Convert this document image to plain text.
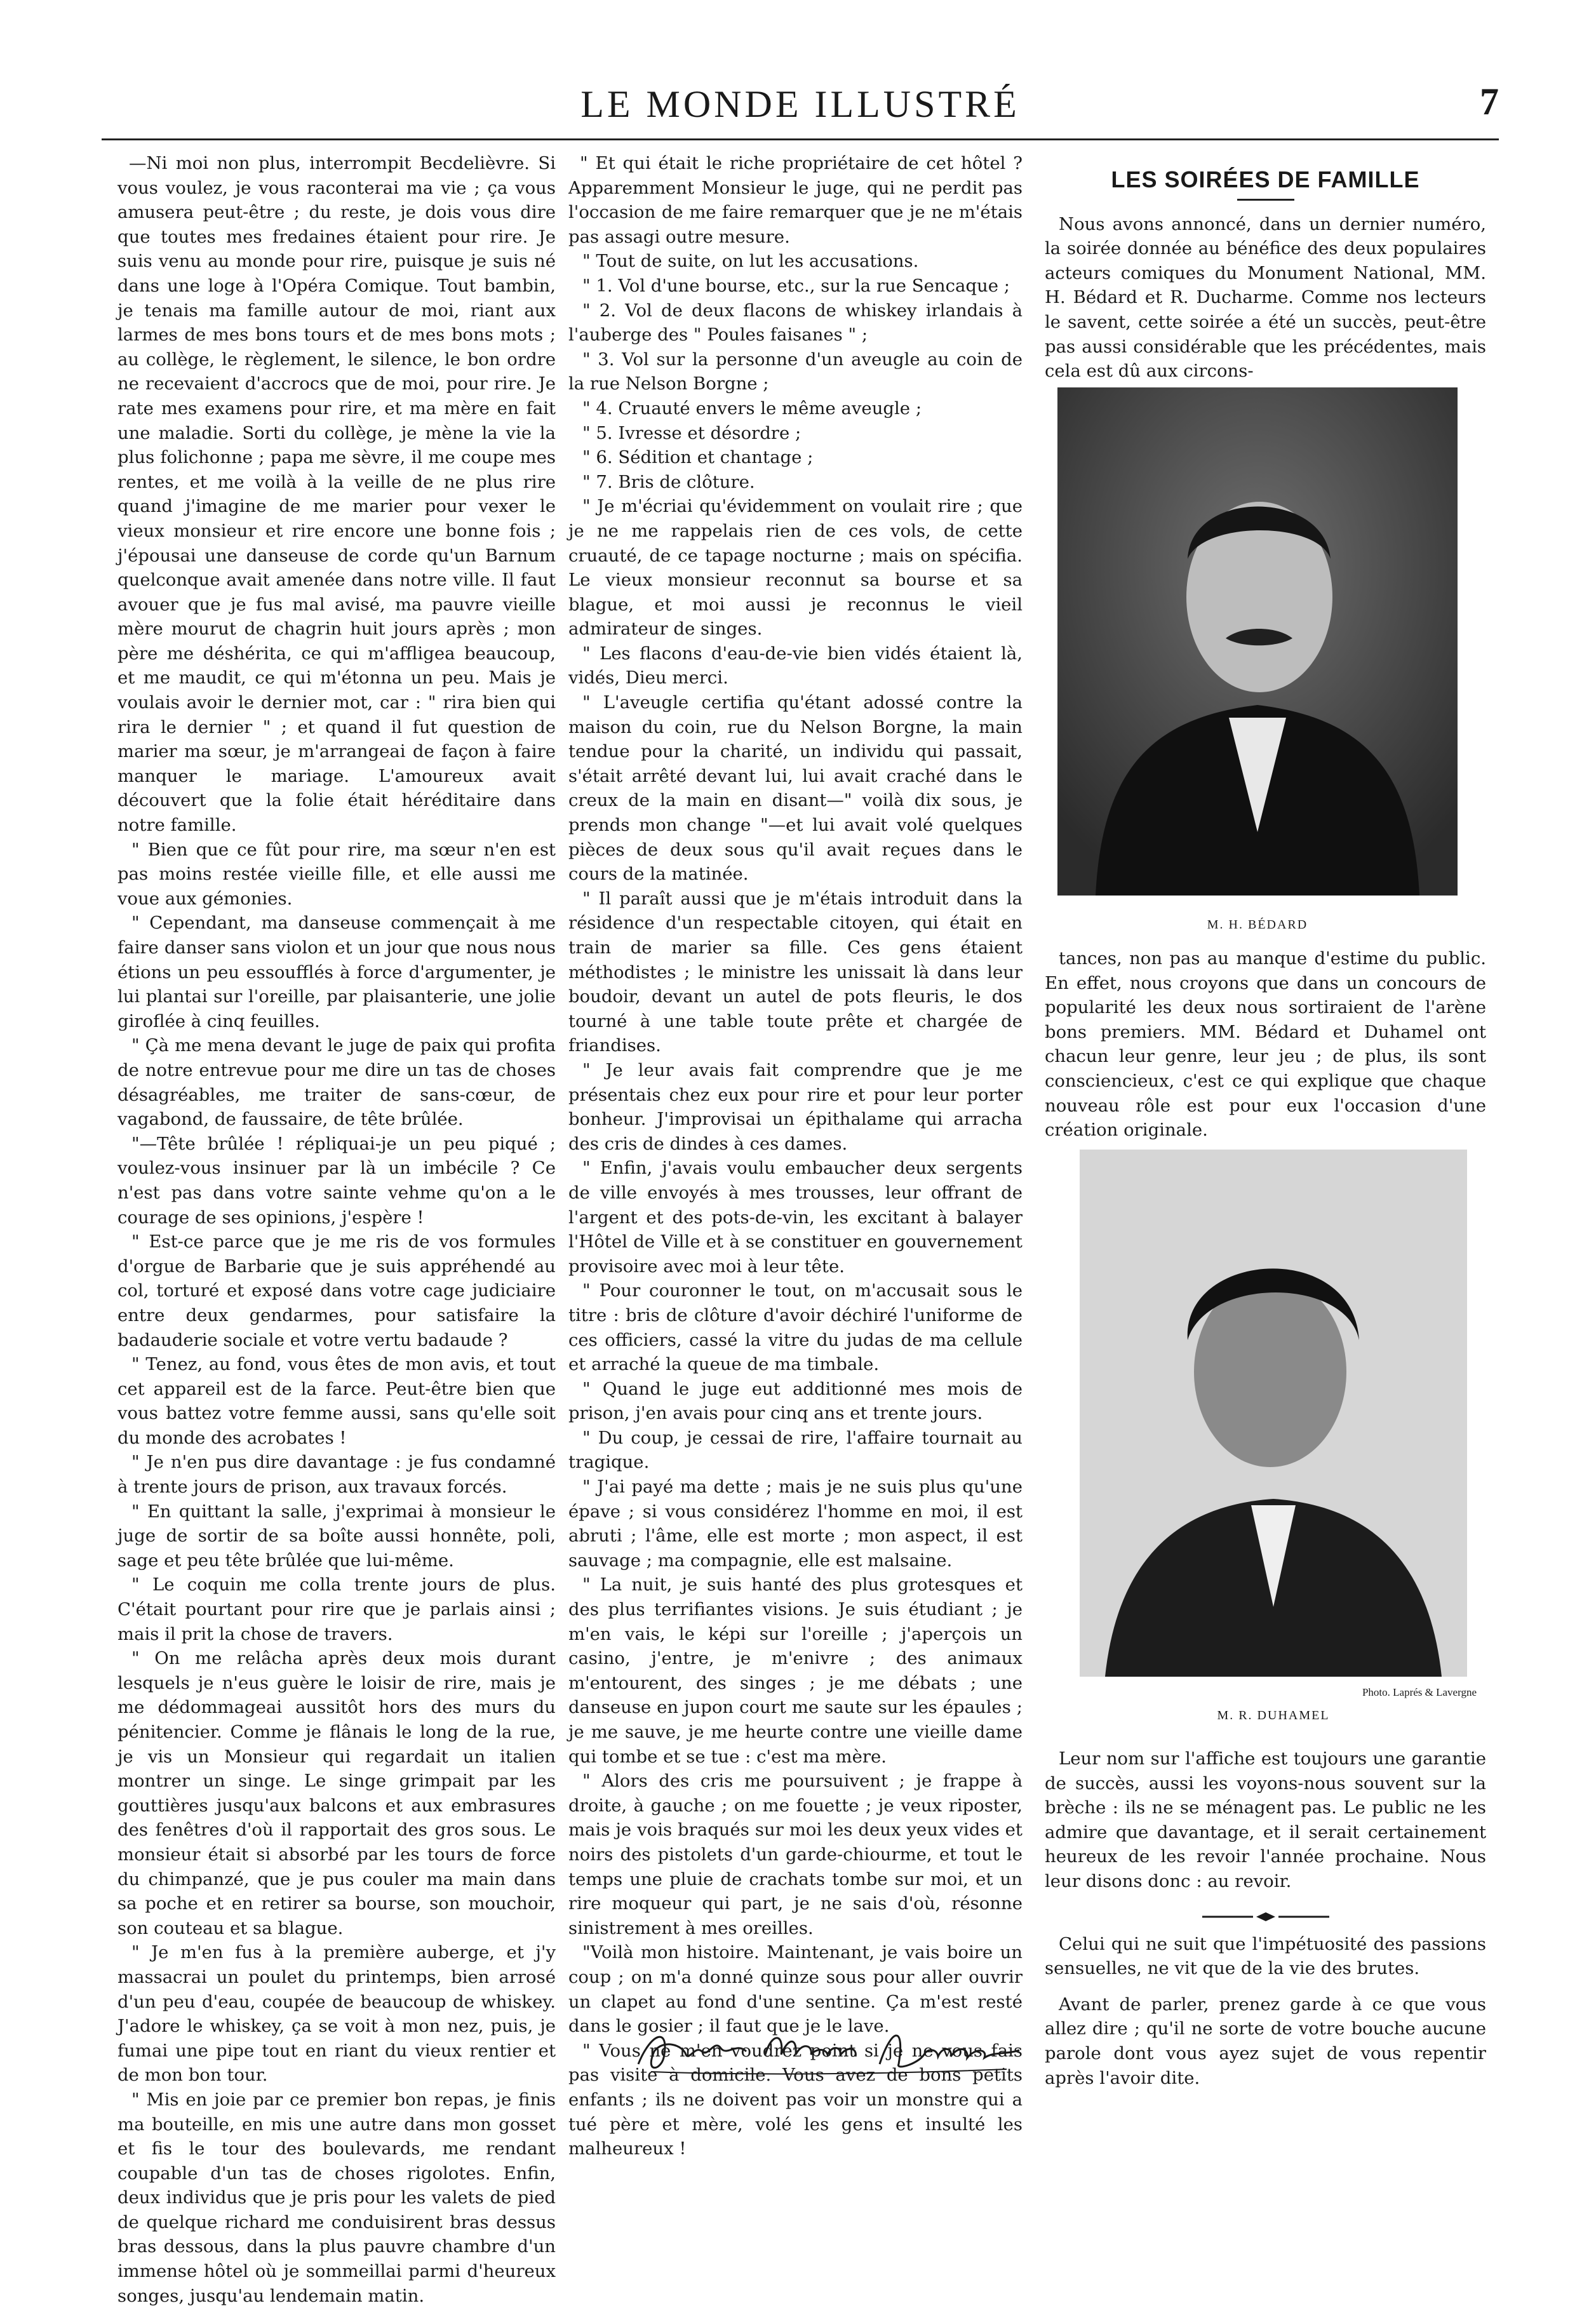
LE MONDE ILLUSTRÉ	7

—Ni moi non plus, interrompit Becdelièvre. Si vous voulez, je vous raconterai ma vie ; ça vous amusera peut-être ; du reste, je dois vous dire que toutes mes fredaines étaient pour rire. Je suis venu au monde pour rire, puisque je suis né dans une loge à l'Opéra Comique. Tout bambin, je tenais ma famille autour de moi, riant aux larmes de mes bons tours et de mes bons mots ; au collège, le règlement, le silence, le bon ordre ne recevaient d'accrocs que de moi, pour rire. Je rate mes examens pour rire, et ma mère en fait une maladie. Sorti du collège, je mène la vie la plus folichonne ; papa me sèvre, il me coupe mes rentes, et me voilà à la veille de ne plus rire quand j'imagine de me marier pour vexer le vieux monsieur et rire encore une bonne fois ; j'épousai une danseuse de corde qu'un Barnum quelconque avait amenée dans notre ville. Il faut avouer que je fus mal avisé, ma pauvre vieille mère mourut de chagrin huit jours après ; mon père me déshérita, ce qui m'affligea beaucoup, et me maudit, ce qui m'étonna un peu. Mais je voulais avoir le dernier mot, car : " rira bien qui rira le dernier " ; et quand il fut question de marier ma sœur, je m'arrangeai de façon à faire manquer le mariage. L'amoureux avait découvert que la folie était héréditaire dans notre famille.

" Bien que ce fût pour rire, ma sœur n'en est pas moins restée vieille fille, et elle aussi me voue aux gémonies.

" Cependant, ma danseuse commençait à me faire danser sans violon et un jour que nous nous étions un peu essoufflés à force d'argumenter, je lui plantai sur l'oreille, par plaisanterie, une jolie giroflée à cinq feuilles.

" Çà me mena devant le juge de paix qui profita de notre entrevue pour me dire un tas de choses désagréables, me traiter de sans-cœur, de vagabond, de faussaire, de tête brûlée.

"—Tête brûlée ! répliquai-je un peu piqué ; voulez-vous insinuer par là un imbécile ? Ce n'est pas dans votre sainte vehme qu'on a le courage de ses opinions, j'espère !

" Est-ce parce que je me ris de vos formules d'orgue de Barbarie que je suis appréhendé au col, torturé et exposé dans votre cage judiciaire entre deux gendarmes, pour satisfaire la badauderie sociale et votre vertu badaude ?

" Tenez, au fond, vous êtes de mon avis, et tout cet appareil est de la farce. Peut-être bien que vous battez votre femme aussi, sans qu'elle soit du monde des acrobates !

" Je n'en pus dire davantage : je fus condamné à trente jours de prison, aux travaux forcés.

" En quittant la salle, j'exprimai à monsieur le juge de sortir de sa boîte aussi honnête, poli, sage et peu tête brûlée que lui-même.

" Le coquin me colla trente jours de plus. C'était pourtant pour rire que je parlais ainsi ; mais il prit la chose de travers.

" On me relâcha après deux mois durant lesquels je n'eus guère le loisir de rire, mais je me dédommageai aussitôt hors des murs du pénitencier. Comme je flânais le long de la rue, je vis un Monsieur qui regardait un italien montrer un singe. Le singe grimpait par les gouttières jusqu'aux balcons et aux embrasures des fenêtres d'où il rapportait des gros sous. Le monsieur était si absorbé par les tours de force du chimpanzé, que je pus couler ma main dans sa poche et en retirer sa bourse, son mouchoir, son couteau et sa blague.

" Je m'en fus à la première auberge, et j'y massacrai un poulet du printemps, bien arrosé d'un peu d'eau, coupée de beaucoup de whiskey. J'adore le whiskey, ça se voit à mon nez, puis, je fumai une pipe tout en riant du vieux rentier et de mon bon tour.

" Mis en joie par ce premier bon repas, je finis ma bouteille, en mis une autre dans mon gosset et fis le tour des boulevards, me rendant coupable d'un tas de choses rigolotes. Enfin, deux individus que je pris pour les valets de pied de quelque richard me conduisirent bras dessus bras dessous, dans la plus pauvre chambre d'un immense hôtel où je sommeillai parmi d'heureux songes, jusqu'au lendemain matin.

" Et qui était le riche propriétaire de cet hôtel ? Apparemment Monsieur le juge, qui ne perdit pas l'occasion de me faire remarquer que je ne m'étais pas assagi outre mesure.

" Tout de suite, on lut les accusations.

" 1. Vol d'une bourse, etc., sur la rue Sencaque ;

" 2. Vol de deux flacons de whiskey irlandais à l'auberge des " Poules faisanes " ;

" 3. Vol sur la personne d'un aveugle au coin de la rue Nelson Borgne ;

" 4. Cruauté envers le même aveugle ;

" 5. Ivresse et désordre ;

" 6. Sédition et chantage ;

" 7. Bris de clôture.

" Je m'écriai qu'évidemment on voulait rire ; que je ne me rappelais rien de ces vols, de cette cruauté, de ce tapage nocturne ; mais on spécifia. Le vieux monsieur reconnut sa bourse et sa blague, et moi aussi je reconnus le vieil admirateur de singes.

" Les flacons d'eau-de-vie bien vidés étaient là, vidés, Dieu merci.

" L'aveugle certifia qu'étant adossé contre la maison du coin, rue du Nelson Borgne, la main tendue pour la charité, un individu qui passait, s'était arrêté devant lui, lui avait craché dans le creux de la main en disant—" voilà dix sous, je prends mon change "—et lui avait volé quelques pièces de deux sous qu'il avait reçues dans le cours de la matinée.

" Il paraît aussi que je m'étais introduit dans la résidence d'un respectable citoyen, qui était en train de marier sa fille. Ces gens étaient méthodistes ; le ministre les unissait là dans leur boudoir, devant un autel de pots fleuris, le dos tourné à une table toute prête et chargée de friandises.

" Je leur avais fait comprendre que je me présentais chez eux pour rire et pour leur porter bonheur. J'improvisai un épithalame qui arracha des cris de dindes à ces dames.

" Enfin, j'avais voulu embaucher deux sergents de ville envoyés à mes trousses, leur offrant de l'argent et des pots-de-vin, les excitant à balayer l'Hôtel de Ville et à se constituer en gouvernement provisoire avec moi à leur tête.

" Pour couronner le tout, on m'accusait sous le titre : bris de clôture d'avoir déchiré l'uniforme de ces officiers, cassé la vitre du judas de ma cellule et arraché la queue de ma timbale.

" Quand le juge eut additionné mes mois de prison, j'en avais pour cinq ans et trente jours.

" Du coup, je cessai de rire, l'affaire tournait au tragique.

" J'ai payé ma dette ; mais je ne suis plus qu'une épave ; si vous considérez l'homme en moi, il est abruti ; l'âme, elle est morte ; mon aspect, il est sauvage ; ma compagnie, elle est malsaine.

" La nuit, je suis hanté des plus grotesques et des plus terrifiantes visions. Je suis étudiant ; je m'en vais, le képi sur l'oreille ; j'aperçois un casino, j'entre, je m'enivre ; des animaux m'entourent, des singes ; je me débats ; une danseuse en jupon court me saute sur les épaules ; je me sauve, je me heurte contre une vieille dame qui tombe et se tue : c'est ma mère.

" Alors des cris me poursuivent ; je frappe à droite, à gauche ; on me fouette ; je veux riposter, mais je vois braqués sur moi les deux yeux vides et noirs des pistolets d'un garde-chiourme, et tout le temps une pluie de crachats tombe sur moi, et un rire moqueur qui part, je ne sais d'où, résonne sinistrement à mes oreilles.

"Voilà mon histoire. Maintenant, je vais boire un coup ; on m'a donné quinze sous pour aller ouvrir un clapet au fond d'une sentine. Ça m'est resté dans le gosier ; il faut que je le lave.

" Vous ne m'en voudrez point si je ne vous fais pas visite à domicile. Vous avez de bons petits enfants ; ils ne doivent pas voir un monstre qui a tué père et mère, volé les gens et insulté les malheureux !

LES SOIRÉES DE FAMILLE

Nous avons annoncé, dans un dernier numéro, la soirée donnée au bénéfice des deux populaires acteurs comiques du Monument National, MM. H. Bédard et R. Ducharme. Comme nos lecteurs le savent, cette soirée a été un succès, peut-être pas aussi considérable que les précédentes, mais cela est dû aux circons-

M. H. BÉDARD

tances, non pas au manque d'estime du public. En effet, nous croyons que dans un concours de popularité les deux nous sortiraient de l'arène bons premiers. MM. Bédard et Duhamel ont chacun leur genre, leur jeu ; de plus, ils sont consciencieux, c'est ce qui explique que chaque nouveau rôle est pour eux l'occasion d'une création originale.

Photo. Laprés & Lavergne
M. R. DUHAMEL

Leur nom sur l'affiche est toujours une garantie de succès, aussi les voyons-nous souvent sur la brèche : ils ne se ménagent pas. Le public ne les admire que davantage, et il serait certainement heureux de les revoir l'année prochaine. Nous leur disons donc : au revoir.

Celui qui ne suit que l'impétuosité des passions sensuelles, ne vit que de la vie des brutes.

Avant de parler, prenez garde à ce que vous allez dire ; qu'il ne sorte de votre bouche aucune parole dont vous ayez sujet de vous repentir après l'avoir dite.
